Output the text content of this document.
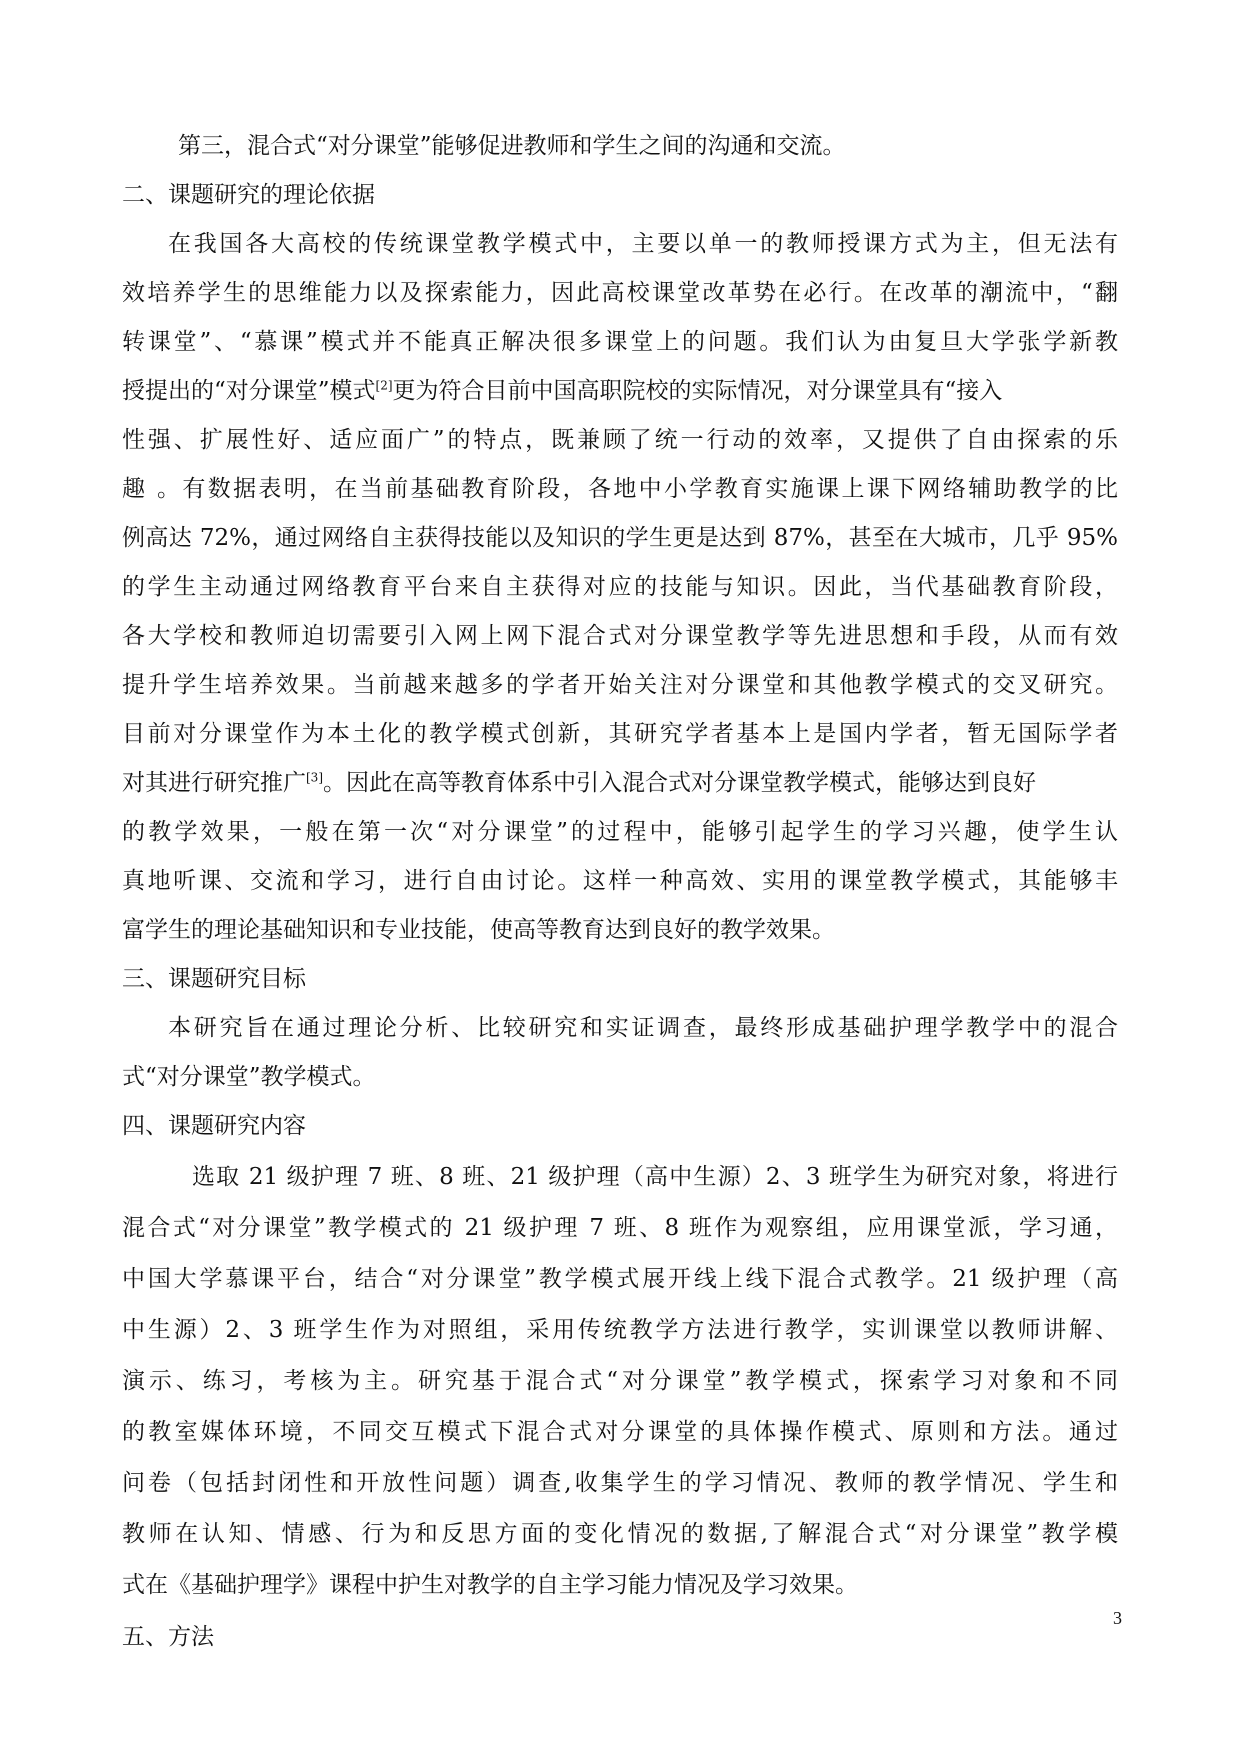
第三，混合式“对分课堂”能够促进教师和学生之间的沟通和交流。
二、课题研究的理论依据
在我国各大高校的传统课堂教学模式中，主要以单一的教师授课方式为主，但无法有
效培养学生的思维能力以及探索能力，因此高校课堂改革势在必行。在改革的潮流中，“翻
转课堂”、“慕课”模式并不能真正解决很多课堂上的问题。我们认为由复旦大学张学新教
授提出的“对分课堂”模式[2]更为符合目前中国高职院校的实际情况，对分课堂具有“接入
性强、扩展性好、适应面广”的特点，既兼顾了统一行动的效率，又提供了自由探索的乐
趣 。有数据表明，在当前基础教育阶段，各地中小学教育实施课上课下网络辅助教学的比
例高达 72%，通过网络自主获得技能以及知识的学生更是达到 87%，甚至在大城市，几乎 95%
的学生主动通过网络教育平台来自主获得对应的技能与知识。因此，当代基础教育阶段，
各大学校和教师迫切需要引入网上网下混合式对分课堂教学等先进思想和手段，从而有效
提升学生培养效果。当前越来越多的学者开始关注对分课堂和其他教学模式的交叉研究。
目前对分课堂作为本土化的教学模式创新，其研究学者基本上是国内学者，暂无国际学者
对其进行研究推广[3]。因此在高等教育体系中引入混合式对分课堂教学模式，能够达到良好
的教学效果，一般在第一次“对分课堂”的过程中，能够引起学生的学习兴趣，使学生认
真地听课、交流和学习，进行自由讨论。这样一种高效、实用的课堂教学模式，其能够丰
富学生的理论基础知识和专业技能，使高等教育达到良好的教学效果。
三、课题研究目标
本研究旨在通过理论分析、比较研究和实证调查，最终形成基础护理学教学中的混合
式“对分课堂”教学模式。
四、课题研究内容
选取 21 级护理 7 班、8 班、21 级护理（高中生源）2、3 班学生为研究对象，将进行
混合式“对分课堂”教学模式的 21 级护理 7 班、8 班作为观察组，应用课堂派，学习通，
中国大学慕课平台，结合“对分课堂”教学模式展开线上线下混合式教学。21 级护理（高
中生源）2、3 班学生作为对照组，采用传统教学方法进行教学，实训课堂以教师讲解、
演示、练习，考核为主。研究基于混合式“对分课堂”教学模式，探索学习对象和不同
的教室媒体环境，不同交互模式下混合式对分课堂的具体操作模式、原则和方法。通过
问卷（包括封闭性和开放性问题）调查,收集学生的学习情况、教师的教学情况、学生和
教师在认知、情感、行为和反思方面的变化情况的数据,了解混合式“对分课堂”教学模
式在《基础护理学》课程中护生对教学的自主学习能力情况及学习效果。
五、方法
3
